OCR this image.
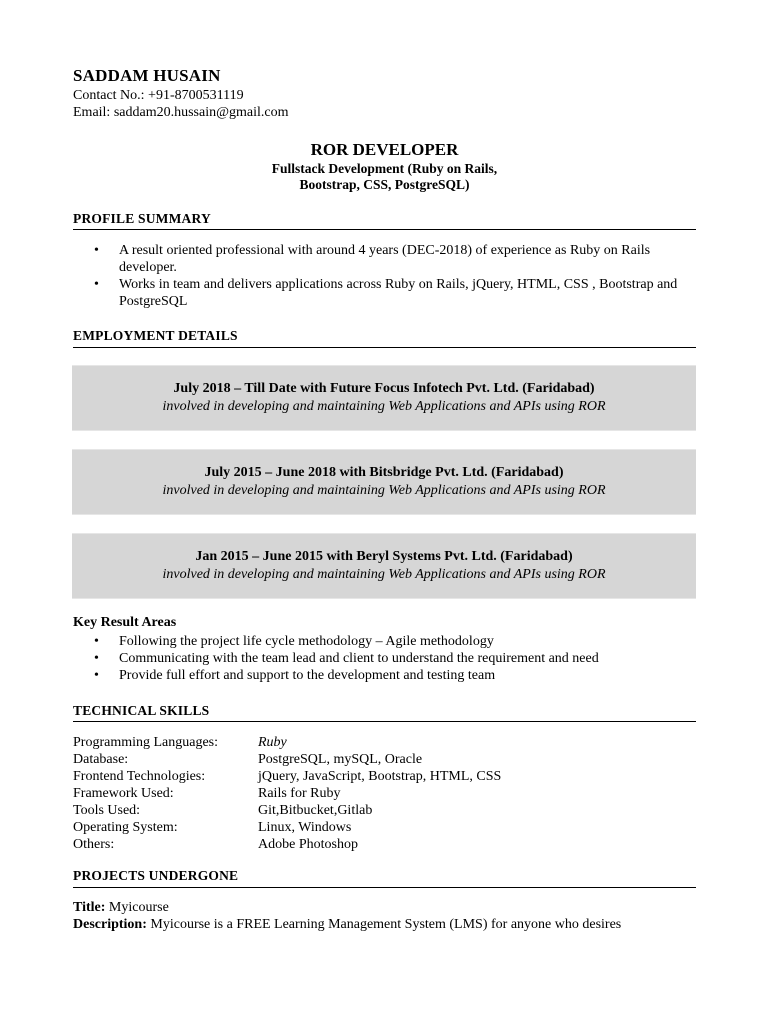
SADDAM HUSAIN
Contact No.: +91-8700531119
Email: saddam20.hussain@gmail.com
ROR DEVELOPER
Fullstack Development (Ruby on Rails,
Bootstrap, CSS, PostgreSQL)
PROFILE SUMMARY
• A result oriented professional with around 4 years (DEC-2018) of experience as Ruby on Rails developer.
• Works in team and delivers applications across Ruby on Rails, jQuery, HTML, CSS , Bootstrap and PostgreSQL
EMPLOYMENT DETAILS
July 2018 – Till Date with Future Focus Infotech Pvt. Ltd. (Faridabad)
involved in developing and maintaining Web Applications and APIs using ROR
July 2015 – June 2018 with Bitsbridge Pvt. Ltd. (Faridabad)
involved in developing and maintaining Web Applications and APIs using ROR
Jan 2015 – June 2015 with Beryl Systems Pvt. Ltd. (Faridabad)
involved in developing and maintaining Web Applications and APIs using ROR
Key Result Areas
• Following the project life cycle methodology – Agile methodology
• Communicating with the team lead and client to understand the requirement and need
• Provide full effort and support to the development and testing team
TECHNICAL SKILLS
Programming Languages:	Ruby
Database:	PostgreSQL, mySQL, Oracle
Frontend Technologies:	jQuery, JavaScript, Bootstrap, HTML, CSS
Framework Used:	Rails for Ruby
Tools Used:	Git,Bitbucket,Gitlab
Operating System:	Linux, Windows
Others:	Adobe Photoshop
PROJECTS UNDERGONE
Title: Myicourse
Description: Myicourse is a FREE Learning Management System (LMS) for anyone who desires
